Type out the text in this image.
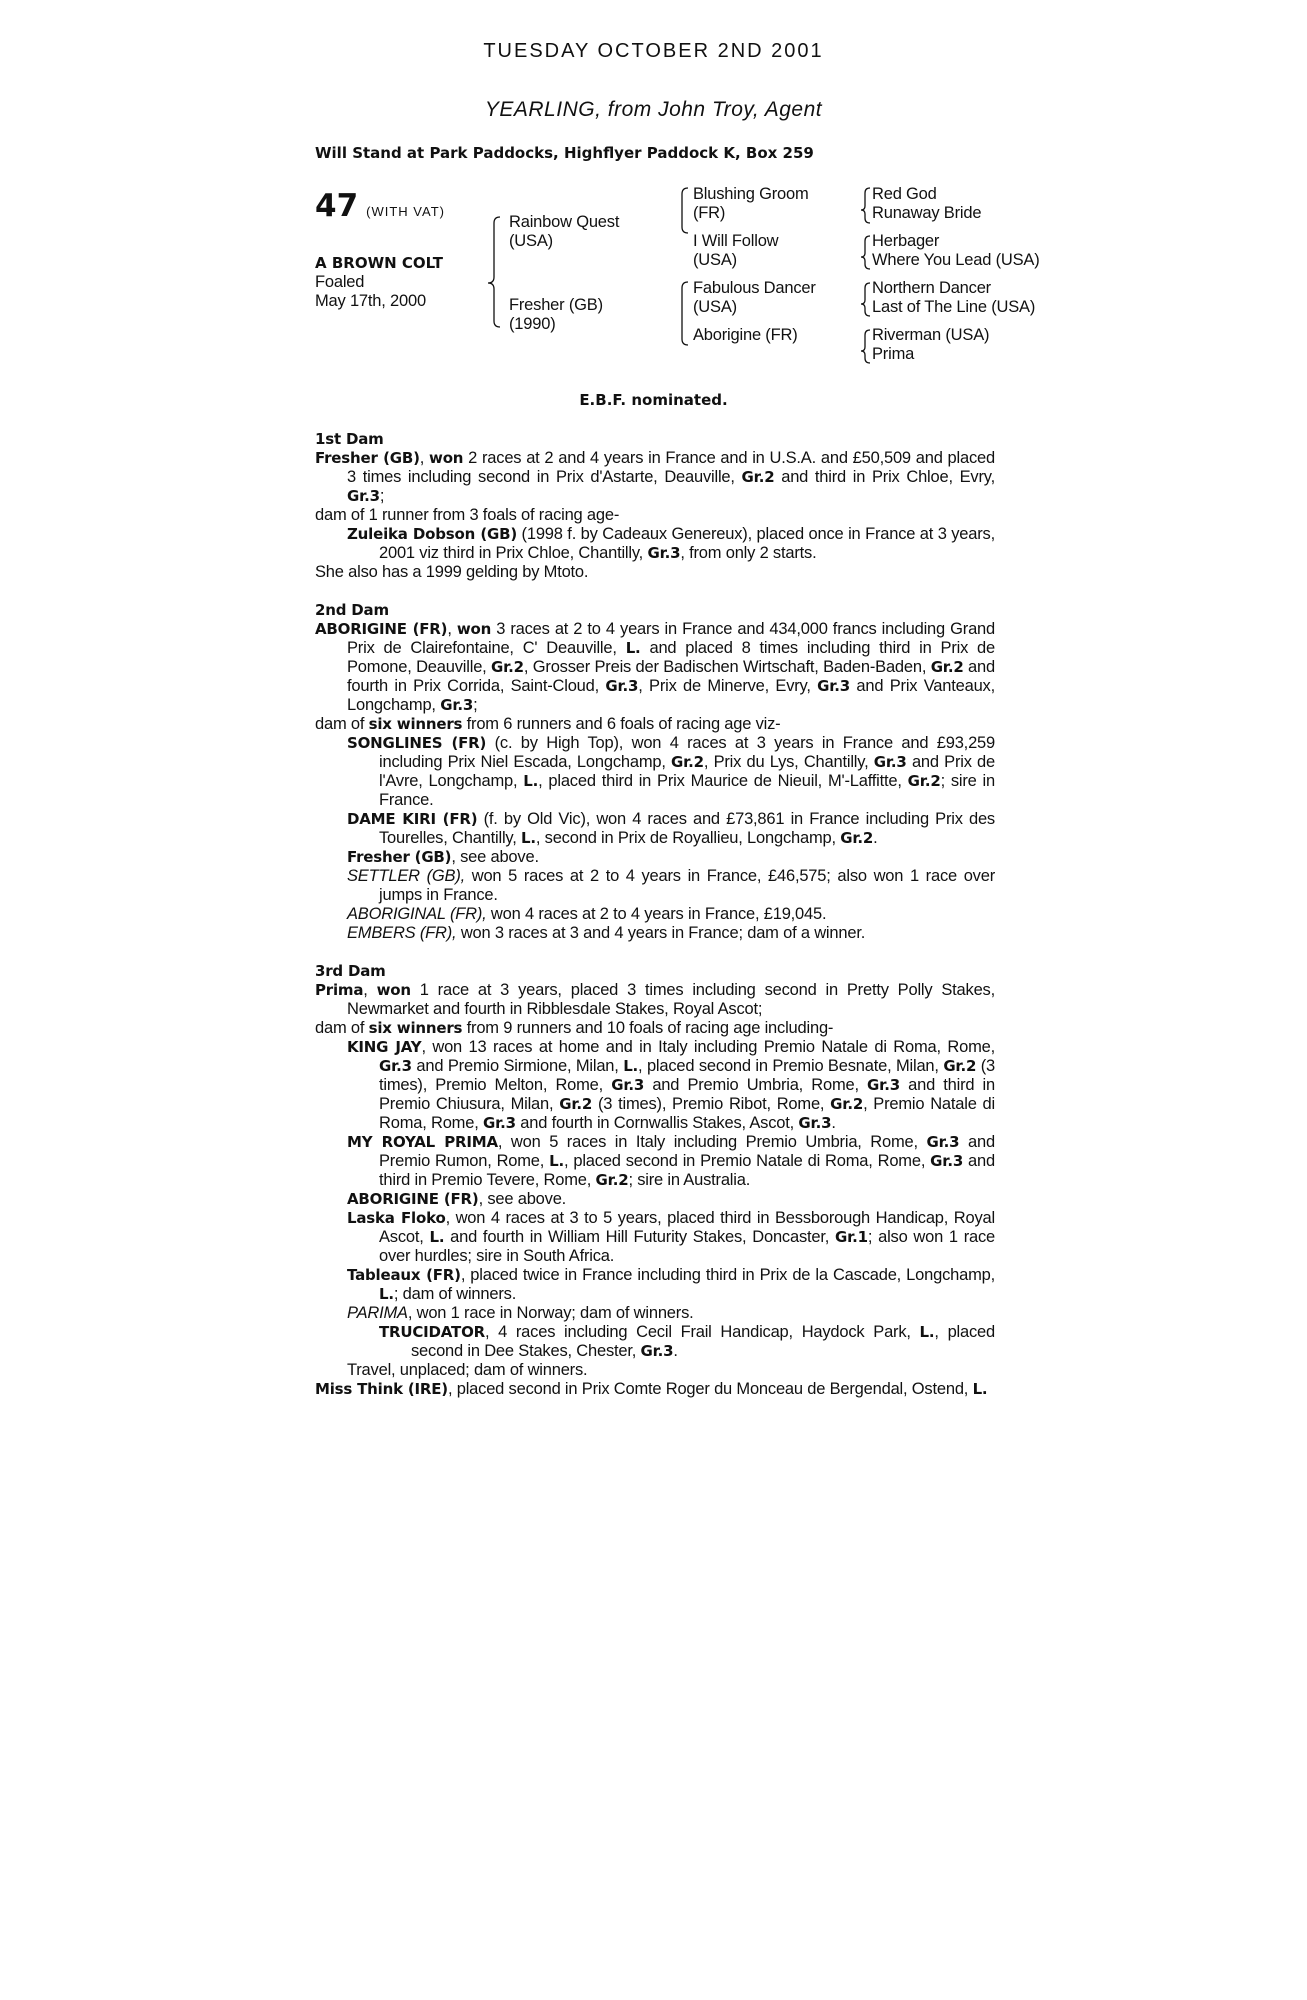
TUESDAY OCTOBER 2ND 2001
YEARLING, from John Troy, Agent
Will Stand at Park Paddocks, Highflyer Paddock K, Box 259
47 (WITH VAT)
A BROWN COLT
Foaled
May 17th, 2000
Rainbow Quest
(USA)
Fresher (GB)
(1990)
Blushing Groom
(FR)
I Will Follow
(USA)
Fabulous Dancer
(USA)
Aborigine (FR)
Red God
Runaway Bride
Herbager
Where You Lead (USA)
Northern Dancer
Last of The Line (USA)
Riverman (USA)
Prima
E.B.F. nominated.

1st Dam

Fresher (GB), won 2 races at 2 and 4 years in France and in U.S.A. and £50,509 and placed 3 times including second in Prix d'Astarte, Deauville, Gr.2 and third in Prix Chloe, Evry, Gr.3;

dam of 1 runner from 3 foals of racing age-

Zuleika Dobson (GB) (1998 f. by Cadeaux Genereux), placed once in France at 3 years, 2001 viz third in Prix Chloe, Chantilly, Gr.3, from only 2 starts.

She also has a 1999 gelding by Mtoto.

2nd Dam

ABORIGINE (FR), won 3 races at 2 to 4 years in France and 434,000 francs including Grand Prix de Clairefontaine, C' Deauville, L. and placed 8 times including third in Prix de Pomone, Deauville, Gr.2, Grosser Preis der Badischen Wirtschaft, Baden-Baden, Gr.2 and fourth in Prix Corrida, Saint-Cloud, Gr.3, Prix de Minerve, Evry, Gr.3 and Prix Vanteaux, Longchamp, Gr.3;

dam of six winners from 6 runners and 6 foals of racing age viz-

SONGLINES (FR) (c. by High Top), won 4 races at 3 years in France and £93,259 including Prix Niel Escada, Longchamp, Gr.2, Prix du Lys, Chantilly, Gr.3 and Prix de l'Avre, Longchamp, L., placed third in Prix Maurice de Nieuil, M'-Laffitte, Gr.2; sire in France.

DAME KIRI (FR) (f. by Old Vic), won 4 races and £73,861 in France including Prix des Tourelles, Chantilly, L., second in Prix de Royallieu, Longchamp, Gr.2.

Fresher (GB), see above.

SETTLER (GB), won 5 races at 2 to 4 years in France, £46,575; also won 1 race over jumps in France.

ABORIGINAL (FR), won 4 races at 2 to 4 years in France, £19,045.

EMBERS (FR), won 3 races at 3 and 4 years in France; dam of a winner.

3rd Dam

Prima, won 1 race at 3 years, placed 3 times including second in Pretty Polly Stakes, Newmarket and fourth in Ribblesdale Stakes, Royal Ascot;

dam of six winners from 9 runners and 10 foals of racing age including-

KING JAY, won 13 races at home and in Italy including Premio Natale di Roma, Rome, Gr.3 and Premio Sirmione, Milan, L., placed second in Premio Besnate, Milan, Gr.2 (3 times), Premio Melton, Rome, Gr.3 and Premio Umbria, Rome, Gr.3 and third in Premio Chiusura, Milan, Gr.2 (3 times), Premio Ribot, Rome, Gr.2, Premio Natale di Roma, Rome, Gr.3 and fourth in Cornwallis Stakes, Ascot, Gr.3.

MY ROYAL PRIMA, won 5 races in Italy including Premio Umbria, Rome, Gr.3 and Premio Rumon, Rome, L., placed second in Premio Natale di Roma, Rome, Gr.3 and third in Premio Tevere, Rome, Gr.2; sire in Australia.

ABORIGINE (FR), see above.

Laska Floko, won 4 races at 3 to 5 years, placed third in Bessborough Handicap, Royal Ascot, L. and fourth in William Hill Futurity Stakes, Doncaster, Gr.1; also won 1 race over hurdles; sire in South Africa.

Tableaux (FR), placed twice in France including third in Prix de la Cascade, Longchamp, L.; dam of winners.

PARIMA, won 1 race in Norway; dam of winners.

TRUCIDATOR, 4 races including Cecil Frail Handicap, Haydock Park, L., placed second in Dee Stakes, Chester, Gr.3.

Travel, unplaced; dam of winners.

Miss Think (IRE), placed second in Prix Comte Roger du Monceau de Bergendal, Ostend, L.
